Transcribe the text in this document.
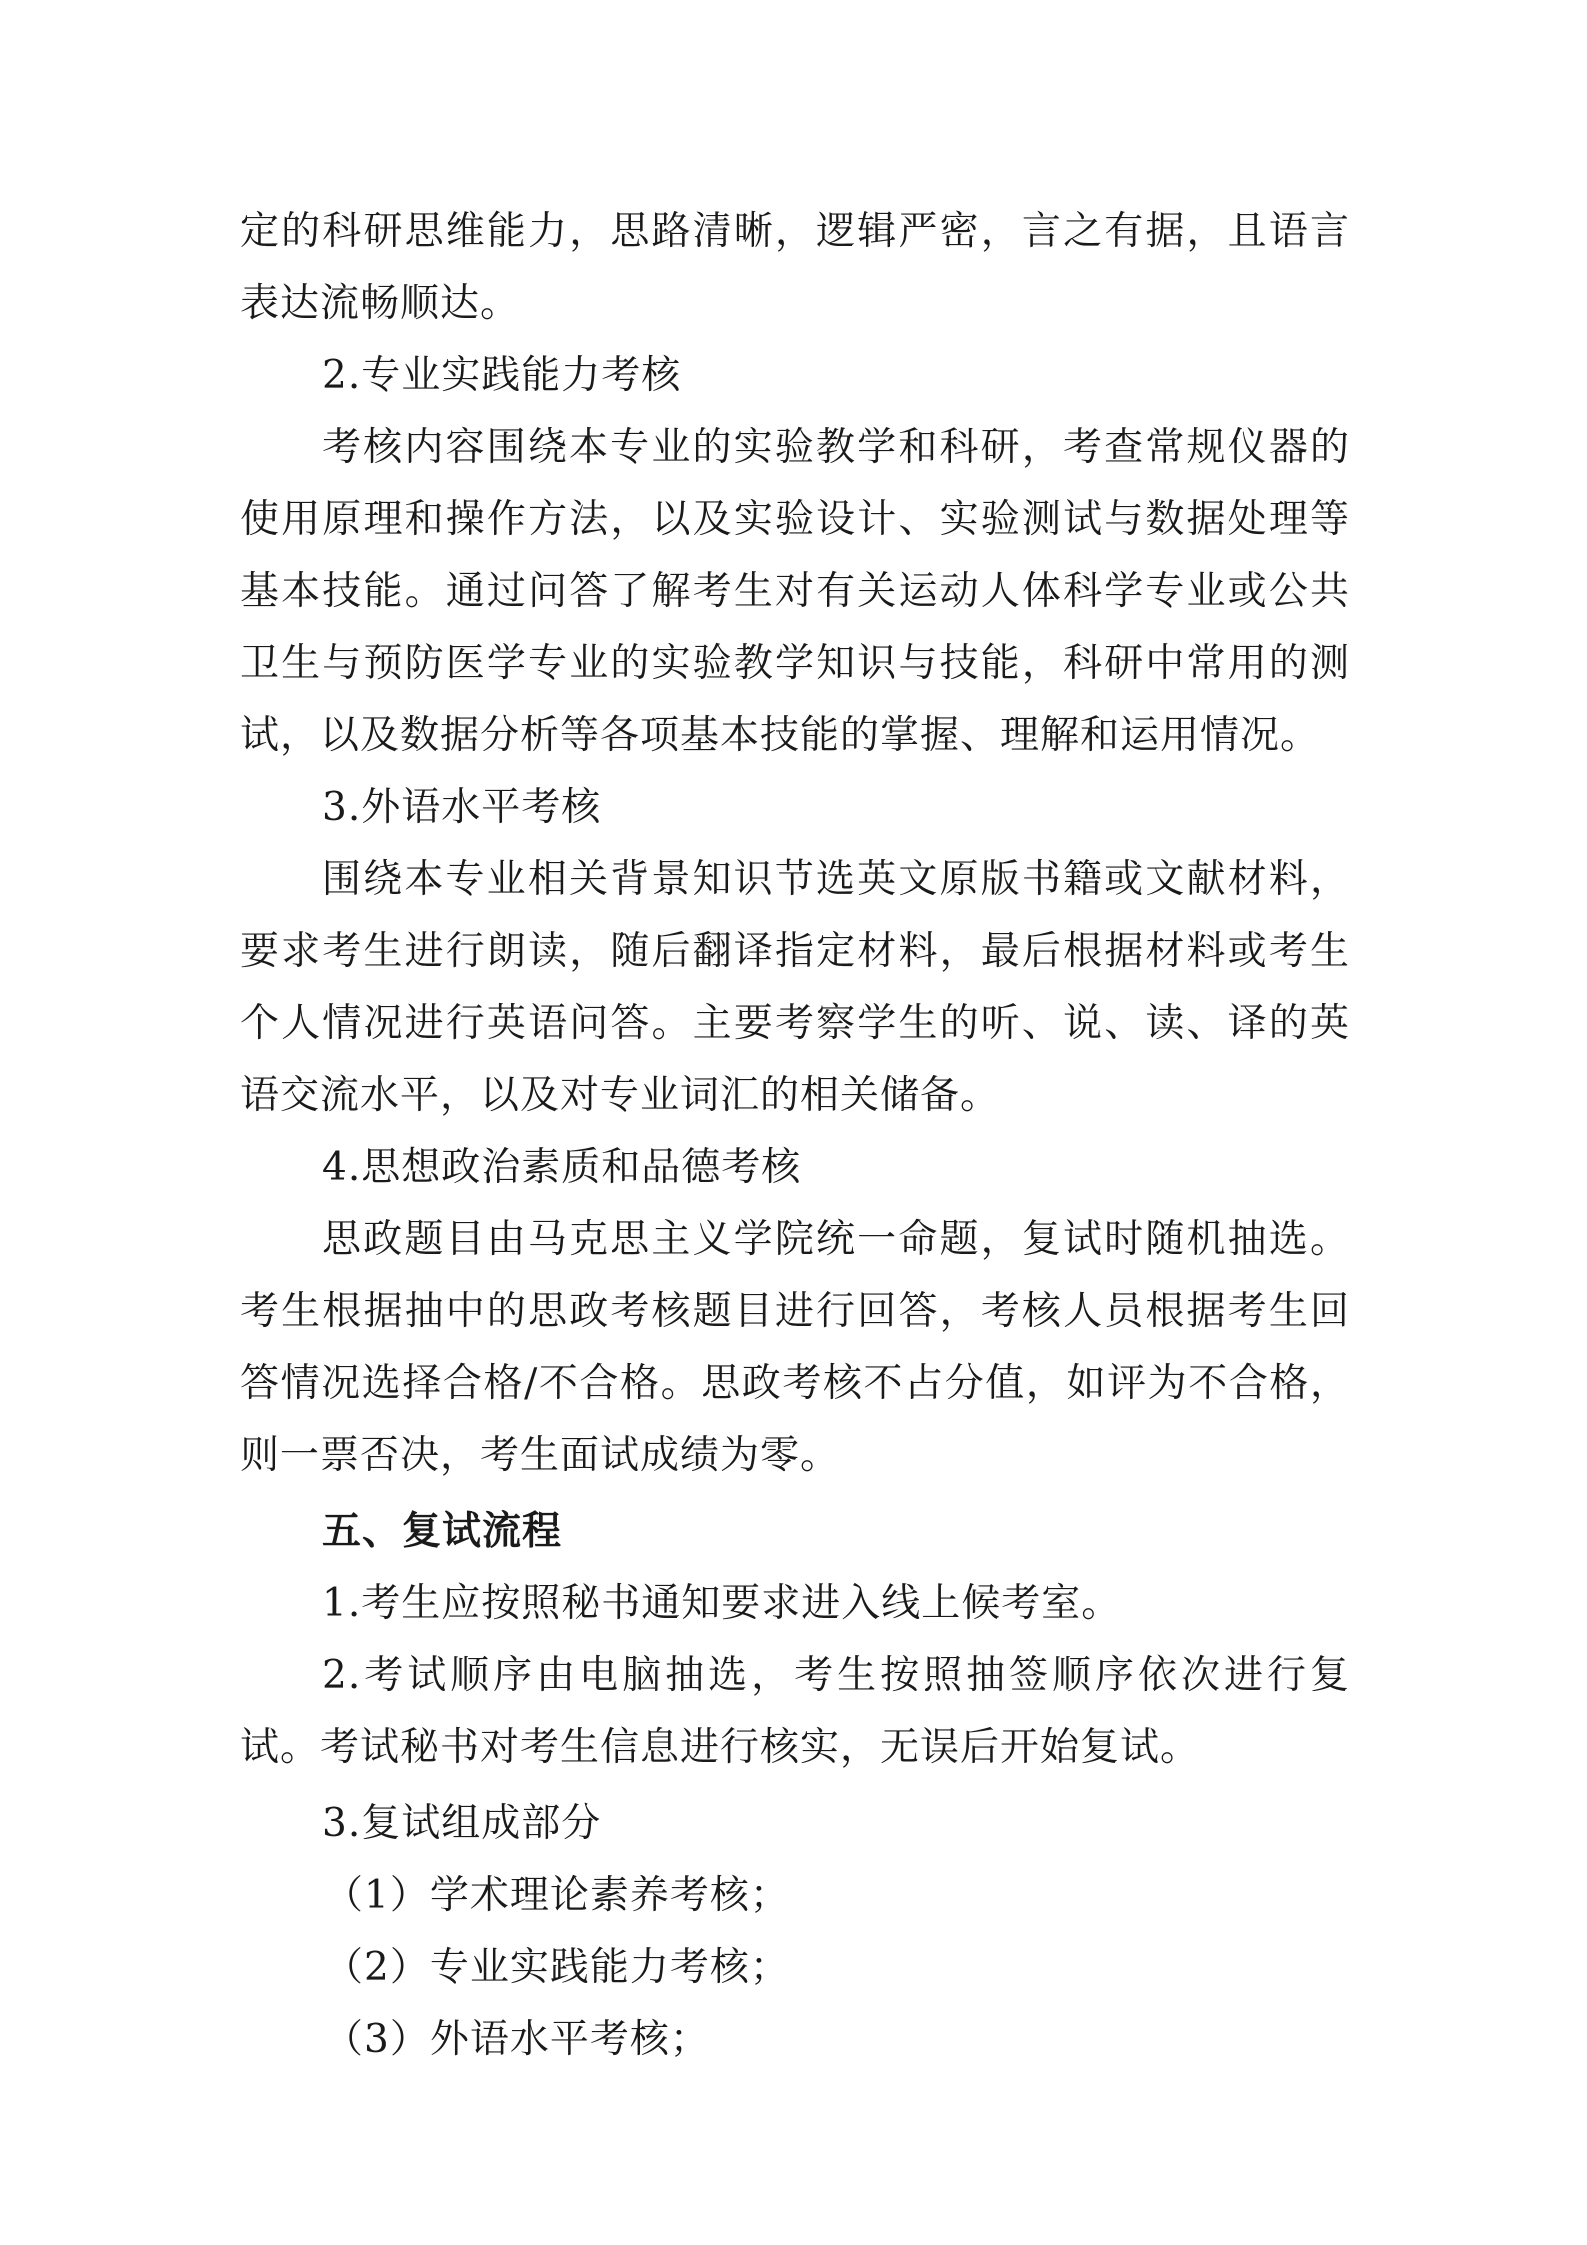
定的科研思维能力，思路清晰，逻辑严密，言之有据，且语言表达流畅顺达。

2.专业实践能力考核

考核内容围绕本专业的实验教学和科研，考查常规仪器的使用原理和操作方法，以及实验设计、实验测试与数据处理等基本技能。通过问答了解考生对有关运动人体科学专业或公共卫生与预防医学专业的实验教学知识与技能，科研中常用的测试，以及数据分析等各项基本技能的掌握、理解和运用情况。

3.外语水平考核

围绕本专业相关背景知识节选英文原版书籍或文献材料，要求考生进行朗读，随后翻译指定材料，最后根据材料或考生个人情况进行英语问答。主要考察学生的听、说、读、译的英语交流水平，以及对专业词汇的相关储备。

4.思想政治素质和品德考核

思政题目由马克思主义学院统一命题，复试时随机抽选。考生根据抽中的思政考核题目进行回答，考核人员根据考生回答情况选择合格/不合格。思政考核不占分值，如评为不合格，则一票否决，考生面试成绩为零。

五、复试流程

1.考生应按照秘书通知要求进入线上候考室。

2.考试顺序由电脑抽选，考生按照抽签顺序依次进行复试。考试秘书对考生信息进行核实，无误后开始复试。

3.复试组成部分

（1）学术理论素养考核；

（2）专业实践能力考核；

（3）外语水平考核；
